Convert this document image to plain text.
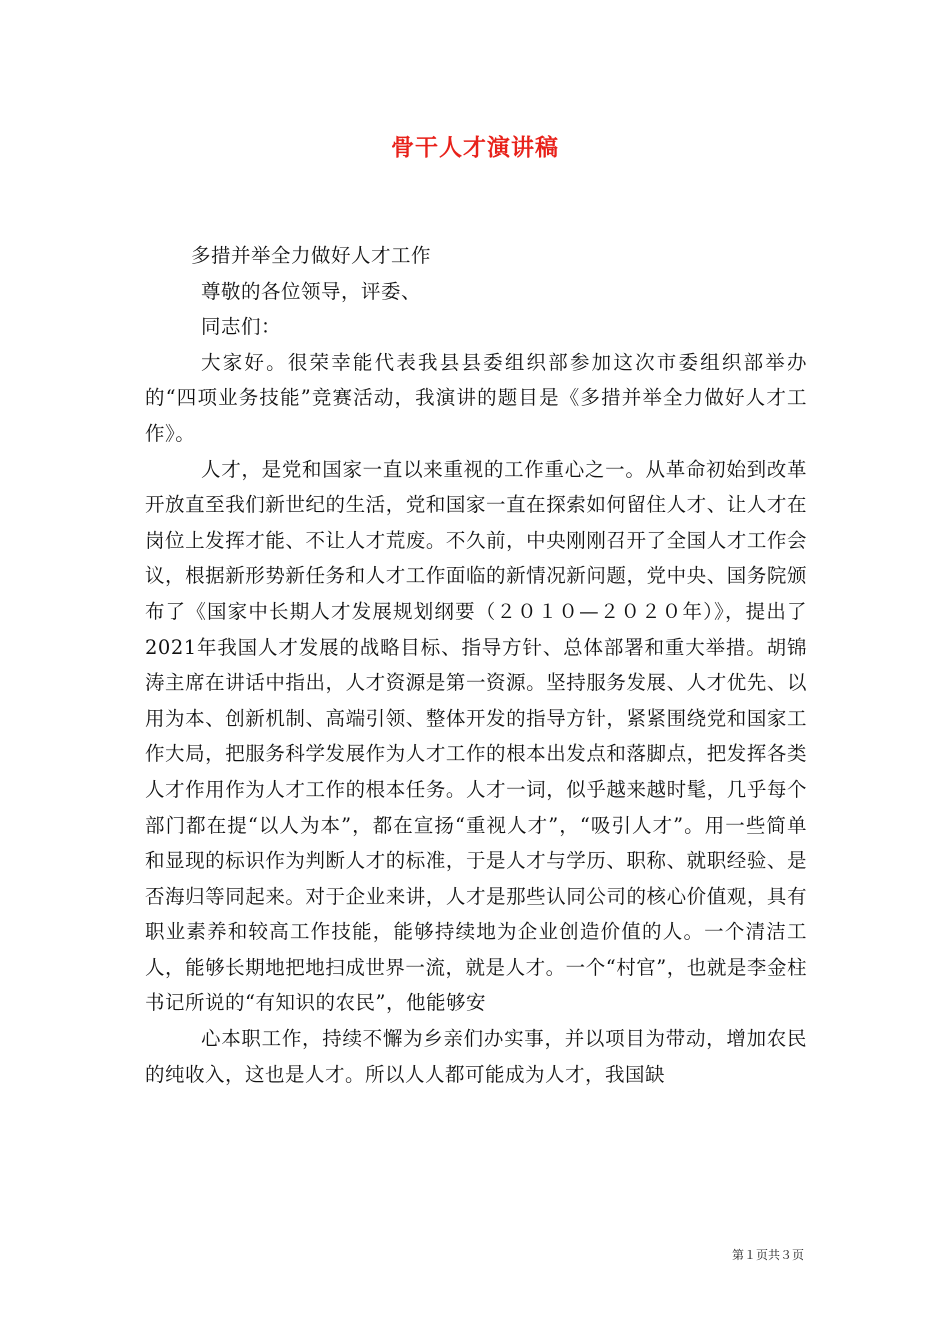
骨干人才演讲稿

多措并举全力做好人才工作

尊敬的各位领导，评委、

同志们：

大家好。很荣幸能代表我县县委组织部参加这次市委组织部举办的“四项业务技能”竞赛活动，我演讲的题目是《多措并举全力做好人才工作》。

人才，是党和国家一直以来重视的工作重心之一。从革命初始到改革开放直至我们新世纪的生活，党和国家一直在探索如何留住人才、让人才在岗位上发挥才能、不让人才荒废。不久前，中央刚刚召开了全国人才工作会议，根据新形势新任务和人才工作面临的新情况新问题，党中央、国务院颁布了《国家中长期人才发展规划纲要（２０１０—２０２０年）》，提出了2021年我国人才发展的战略目标、指导方针、总体部署和重大举措。胡锦涛主席在讲话中指出，人才资源是第一资源。坚持服务发展、人才优先、以用为本、创新机制、高端引领、整体开发的指导方针，紧紧围绕党和国家工作大局，把服务科学发展作为人才工作的根本出发点和落脚点，把发挥各类人才作用作为人才工作的根本任务。人才一词，似乎越来越时髦，几乎每个部门都在提“以人为本”，都在宣扬“重视人才”，“吸引人才”。用一些简单和显现的标识作为判断人才的标准，于是人才与学历、职称、就职经验、是否海归等同起来。对于企业来讲，人才是那些认同公司的核心价值观，具有职业素养和较高工作技能，能够持续地为企业创造价值的人。一个清洁工人，能够长期地把地扫成世界一流，就是人才。一个“村官”，也就是李金柱书记所说的“有知识的农民”，他能够安

心本职工作，持续不懈为乡亲们办实事，并以项目为带动，增加农民的纯收入，这也是人才。所以人人都可能成为人才，我国缺

第１页共３页
